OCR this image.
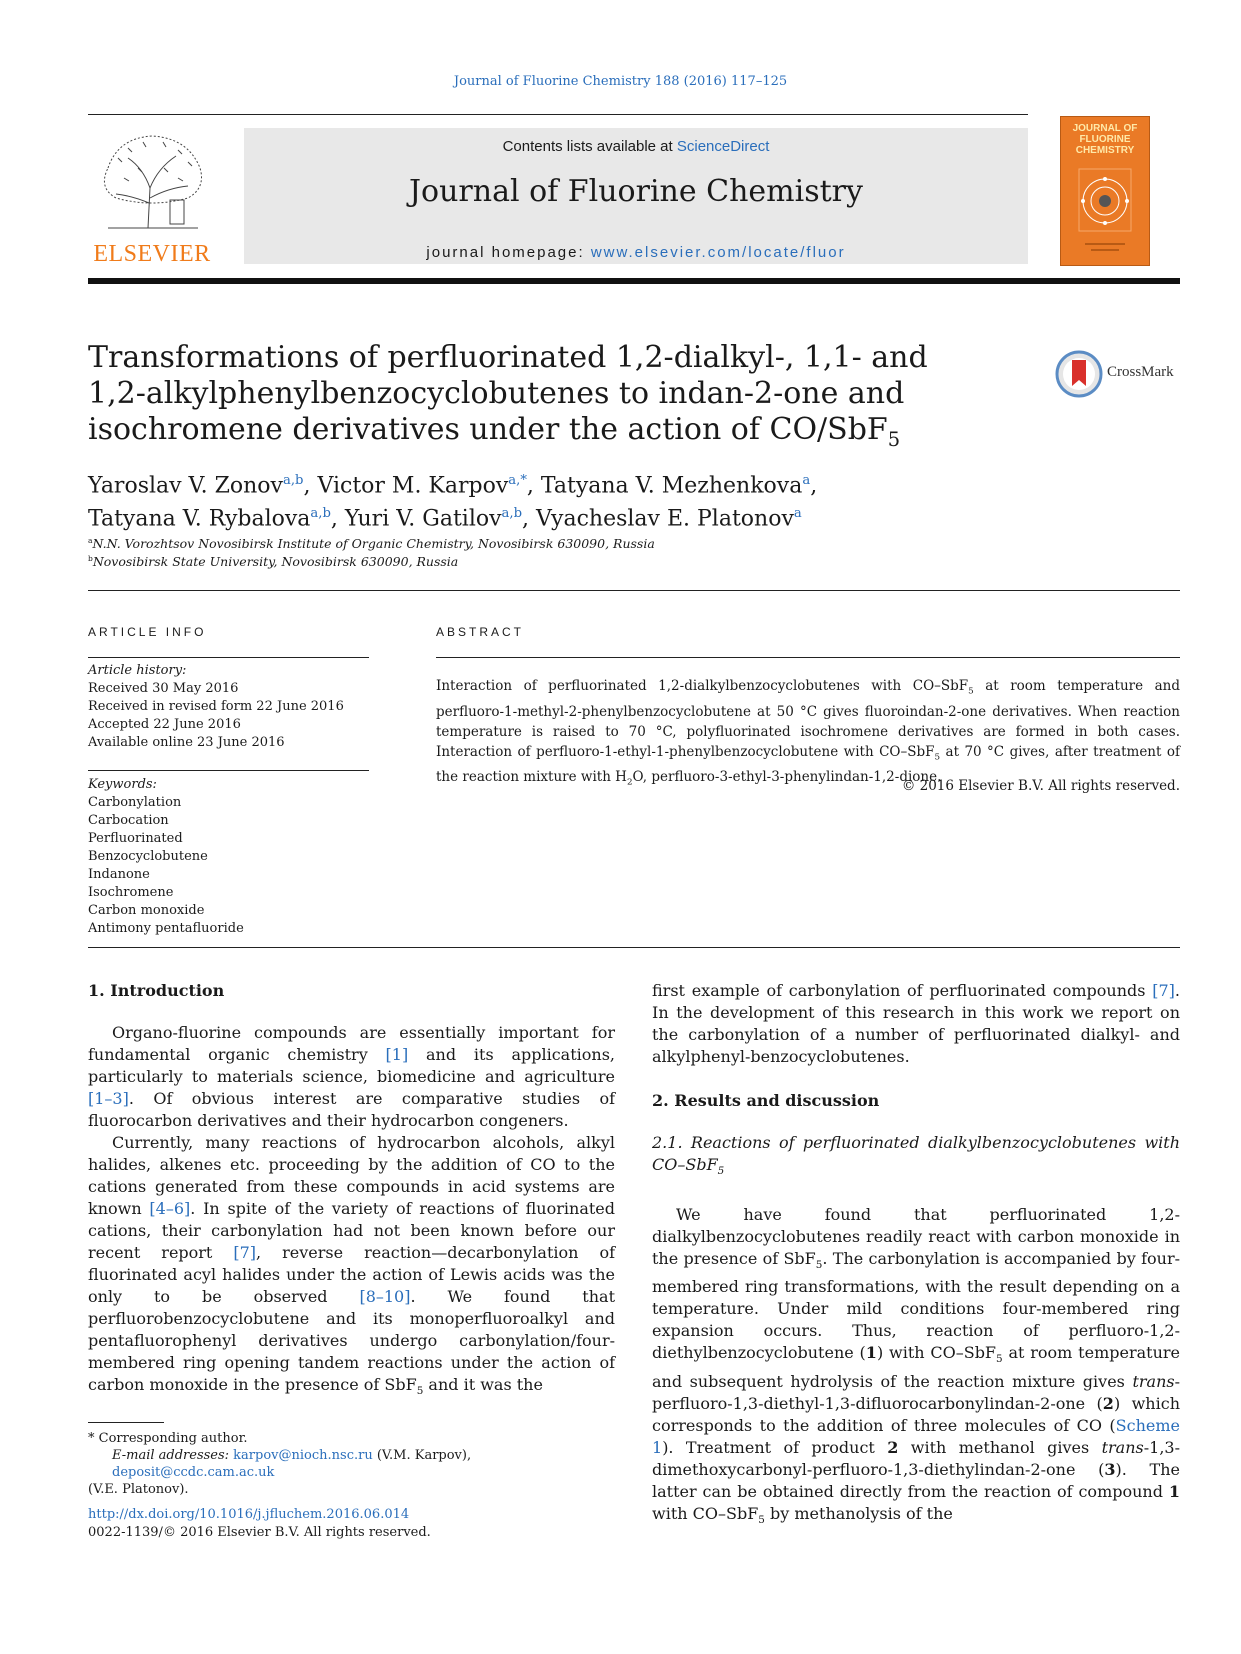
Journal of Fluorine Chemistry 188 (2016) 117–125
ELSEVIER
Contents lists available at ScienceDirect
Journal of Fluorine Chemistry
journal homepage: www.elsevier.com/locate/fluor
JOURNAL OF FLUORINE CHEMISTRY
Transformations of perfluorinated 1,2-dialkyl-, 1,1- and 1,2-alkylphenylbenzocyclobutenes to indan-2-one and isochromene derivatives under the action of CO/SbF$_5$
CrossMark
Yaroslav V. Zonov$^{a,b}$, Victor M. Karpov$^{a,*}$, Tatyana V. Mezhenkova$^a$,
Tatyana V. Rybalova$^{a,b}$, Yuri V. Gatilov$^{a,b}$, Vyacheslav E. Platonov$^a$
$^a$N.N. Vorozhtsov Novosibirsk Institute of Organic Chemistry, Novosibirsk 630090, Russia
$^b$Novosibirsk State University, Novosibirsk 630090, Russia
ARTICLE INFO
Article history:
Received 30 May 2016
Received in revised form 22 June 2016
Accepted 22 June 2016
Available online 23 June 2016
Keywords:
Carbonylation
Carbocation
Perfluorinated
Benzocyclobutene
Indanone
Isochromene
Carbon monoxide
Antimony pentafluoride
ABSTRACT
Interaction of perfluorinated 1,2-dialkylbenzocyclobutenes with CO–SbF$_5$ at room temperature and perfluoro-1-methyl-2-phenylbenzocyclobutene at 50 °C gives fluoroindan-2-one derivatives. When reaction temperature is raised to 70 °C, polyfluorinated isochromene derivatives are formed in both cases. Interaction of perfluoro-1-ethyl-1-phenylbenzocyclobutene with CO–SbF$_5$ at 70 °C gives, after treatment of the reaction mixture with $H_2O$, perfluoro-3-ethyl-3-phenylindan-1,2-dione.
© 2016 Elsevier B.V. All rights reserved.
1. Introduction

Organo-fluorine compounds are essentially important for fundamental organic chemistry [1] and its applications, particularly to materials science, biomedicine and agriculture [1–3]. Of obvious interest are comparative studies of fluorocarbon derivatives and their hydrocarbon congeners.

Currently, many reactions of hydrocarbon alcohols, alkyl halides, alkenes etc. proceeding by the addition of CO to the cations generated from these compounds in acid systems are known [4–6]. In spite of the variety of reactions of fluorinated cations, their carbonylation had not been known before our recent report [7], reverse reaction—decarbonylation of fluorinated acyl halides under the action of Lewis acids was the only to be observed [8–10]. We found that perfluorobenzocyclobutene and its monoperfluoroalkyl and pentafluorophenyl derivatives undergo carbonylation/four-membered ring opening tandem reactions under the action of carbon monoxide in the presence of SbF$_5$ and it was the

first example of carbonylation of perfluorinated compounds [7]. In the development of this research in this work we report on the carbonylation of a number of perfluorinated dialkyl- and alkylphenyl-benzocyclobutenes.

2. Results and discussion
2.1. Reactions of perfluorinated dialkylbenzocyclobutenes with CO–SbF$_5$

We have found that perfluorinated 1,2-dialkylbenzocyclobutenes readily react with carbon monoxide in the presence of SbF$_5$. The carbonylation is accompanied by four-membered ring transformations, with the result depending on a temperature. Under mild conditions four-membered ring expansion occurs. Thus, reaction of perfluoro-1,2-diethylbenzocyclobutene (1) with CO–SbF$_5$ at room temperature and subsequent hydrolysis of the reaction mixture gives trans-perfluoro-1,3-diethyl-1,3-difluorocarbonylindan-2-one (2) which corresponds to the addition of three molecules of CO (Scheme 1). Treatment of product 2 with methanol gives trans-1,3-dimethoxycarbonyl-perfluoro-1,3-diethylindan-2-one (3). The latter can be obtained directly from the reaction of compound 1 with CO–SbF$_5$ by methanolysis of the

* Corresponding author.
E-mail addresses: karpov@nioch.nsc.ru (V.M. Karpov), deposit@ccdc.cam.ac.uk
(V.E. Platonov).
http://dx.doi.org/10.1016/j.jfluchem.2016.06.014
0022-1139/© 2016 Elsevier B.V. All rights reserved.
